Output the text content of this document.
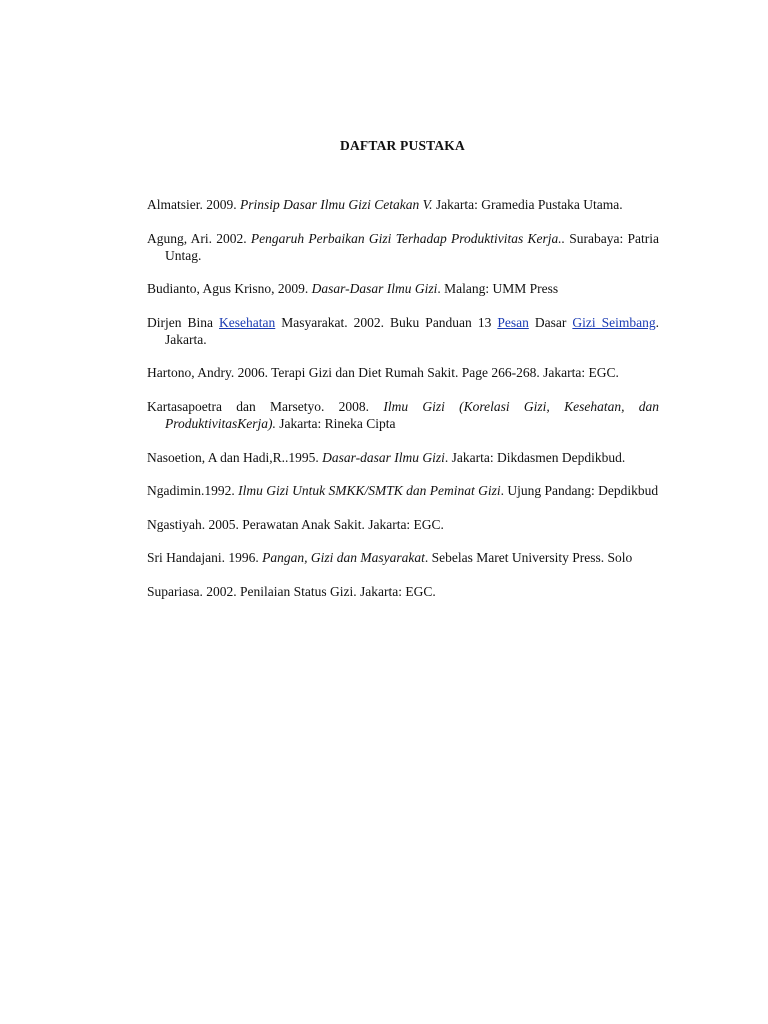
DAFTAR PUSTAKA

Almatsier. 2009. Prinsip Dasar Ilmu Gizi Cetakan V. Jakarta: Gramedia Pustaka Utama.

Agung, Ari. 2002. Pengaruh Perbaikan Gizi Terhadap Produktivitas Kerja.. Surabaya: Patria Untag.

Budianto, Agus Krisno, 2009. Dasar-Dasar Ilmu Gizi. Malang: UMM Press

Dirjen Bina Kesehatan Masyarakat. 2002. Buku Panduan 13 Pesan Dasar Gizi Seimbang. Jakarta.

Hartono, Andry. 2006. Terapi Gizi dan Diet Rumah Sakit. Page 266-268. Jakarta: EGC.

Kartasapoetra dan Marsetyo. 2008. Ilmu Gizi (Korelasi Gizi, Kesehatan, dan ProduktivitasKerja). Jakarta: Rineka Cipta

Nasoetion, A dan Hadi,R..1995. Dasar-dasar Ilmu Gizi. Jakarta: Dikdasmen Depdikbud.

Ngadimin.1992. Ilmu Gizi Untuk SMKK/SMTK dan Peminat Gizi. Ujung Pandang: Depdikbud

Ngastiyah. 2005. Perawatan Anak Sakit. Jakarta: EGC.

Sri Handajani. 1996. Pangan, Gizi dan Masyarakat. Sebelas Maret University Press. Solo

Supariasa. 2002. Penilaian Status Gizi. Jakarta: EGC.
